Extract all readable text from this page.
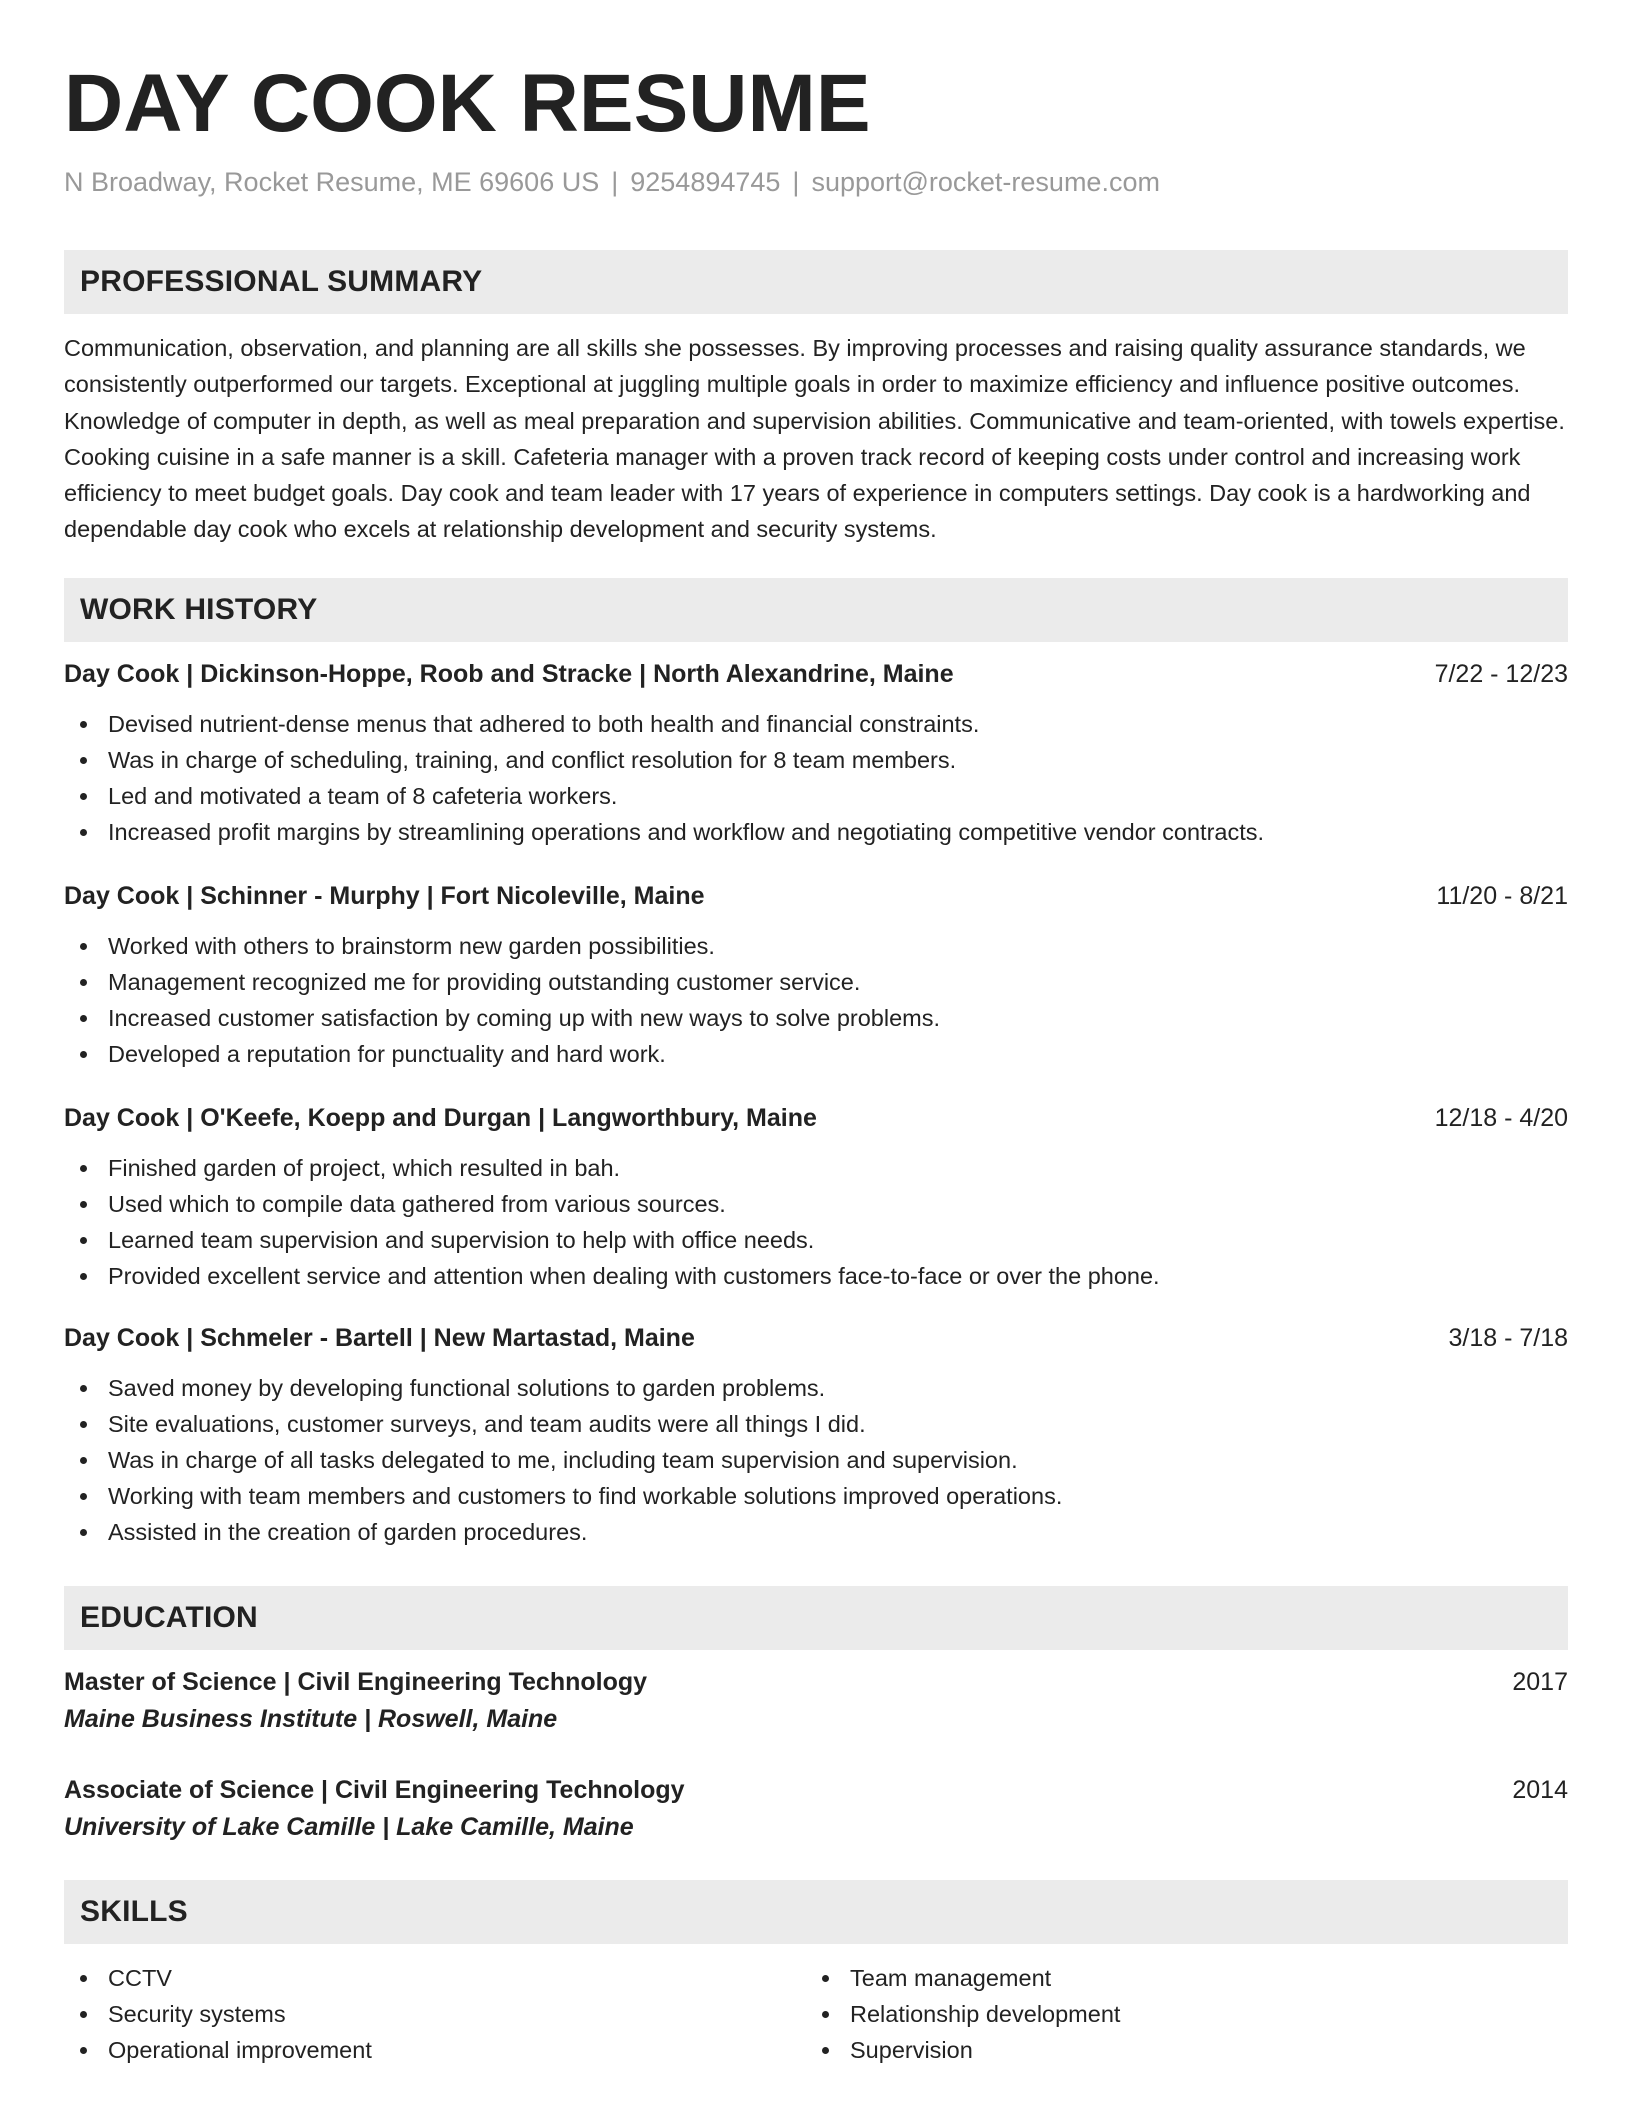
DAY COOK RESUME
N Broadway, Rocket Resume, ME 69606 US | 9254894745 | support@rocket-resume.com
PROFESSIONAL SUMMARY
Communication, observation, and planning are all skills she possesses. By improving processes and raising quality assurance standards, we consistently outperformed our targets. Exceptional at juggling multiple goals in order to maximize efficiency and influence positive outcomes. Knowledge of computer in depth, as well as meal preparation and supervision abilities. Communicative and team-oriented, with towels expertise. Cooking cuisine in a safe manner is a skill. Cafeteria manager with a proven track record of keeping costs under control and increasing work efficiency to meet budget goals. Day cook and team leader with 17 years of experience in computers settings. Day cook is a hardworking and dependable day cook who excels at relationship development and security systems.
WORK HISTORY
Day Cook | Dickinson-Hoppe, Roob and Stracke | North Alexandrine, Maine	7/22 - 12/23
Devised nutrient-dense menus that adhered to both health and financial constraints.
Was in charge of scheduling, training, and conflict resolution for 8 team members.
Led and motivated a team of 8 cafeteria workers.
Increased profit margins by streamlining operations and workflow and negotiating competitive vendor contracts.
Day Cook | Schinner - Murphy | Fort Nicoleville, Maine	11/20 - 8/21
Worked with others to brainstorm new garden possibilities.
Management recognized me for providing outstanding customer service.
Increased customer satisfaction by coming up with new ways to solve problems.
Developed a reputation for punctuality and hard work.
Day Cook | O'Keefe, Koepp and Durgan | Langworthbury, Maine	12/18 - 4/20
Finished garden of project, which resulted in bah.
Used which to compile data gathered from various sources.
Learned team supervision and supervision to help with office needs.
Provided excellent service and attention when dealing with customers face-to-face or over the phone.
Day Cook | Schmeler - Bartell | New Martastad, Maine	3/18 - 7/18
Saved money by developing functional solutions to garden problems.
Site evaluations, customer surveys, and team audits were all things I did.
Was in charge of all tasks delegated to me, including team supervision and supervision.
Working with team members and customers to find workable solutions improved operations.
Assisted in the creation of garden procedures.
EDUCATION
Master of Science | Civil Engineering Technology	2017
Maine Business Institute | Roswell, Maine
Associate of Science | Civil Engineering Technology	2014
University of Lake Camille | Lake Camille, Maine
SKILLS
CCTV
Security systems
Operational improvement
Team management
Relationship development
Supervision
